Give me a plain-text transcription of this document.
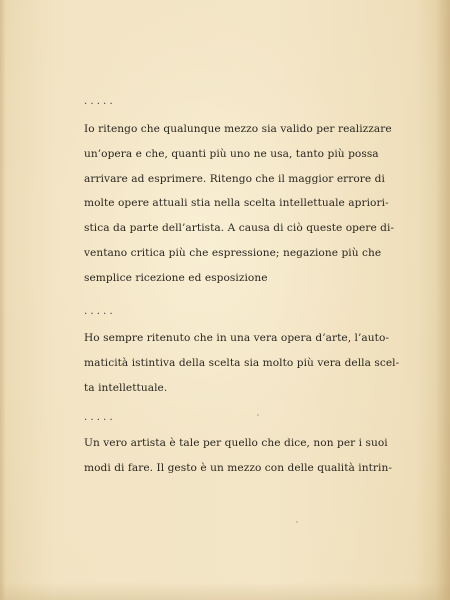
.....
Io ritengo che qualunque mezzo sia valido per realizzare
un’opera e che, quanti più uno ne usa, tanto più possa
arrivare ad esprimere. Ritengo che il maggior errore di
molte opere attuali stia nella scelta intellettuale apriori-
stica da parte dell’artista. A causa di ciò queste opere di-
ventano critica più che espressione; negazione più che
semplice ricezione ed esposizione
.....
Ho sempre ritenuto che in una vera opera d’arte, l’auto-
maticità istintiva della scelta sia molto più vera della scel-
ta intellettuale.
.....
Un vero artista è tale per quello che dice, non per i suoi
modi di fare. Il gesto è un mezzo con delle qualità intrin-
